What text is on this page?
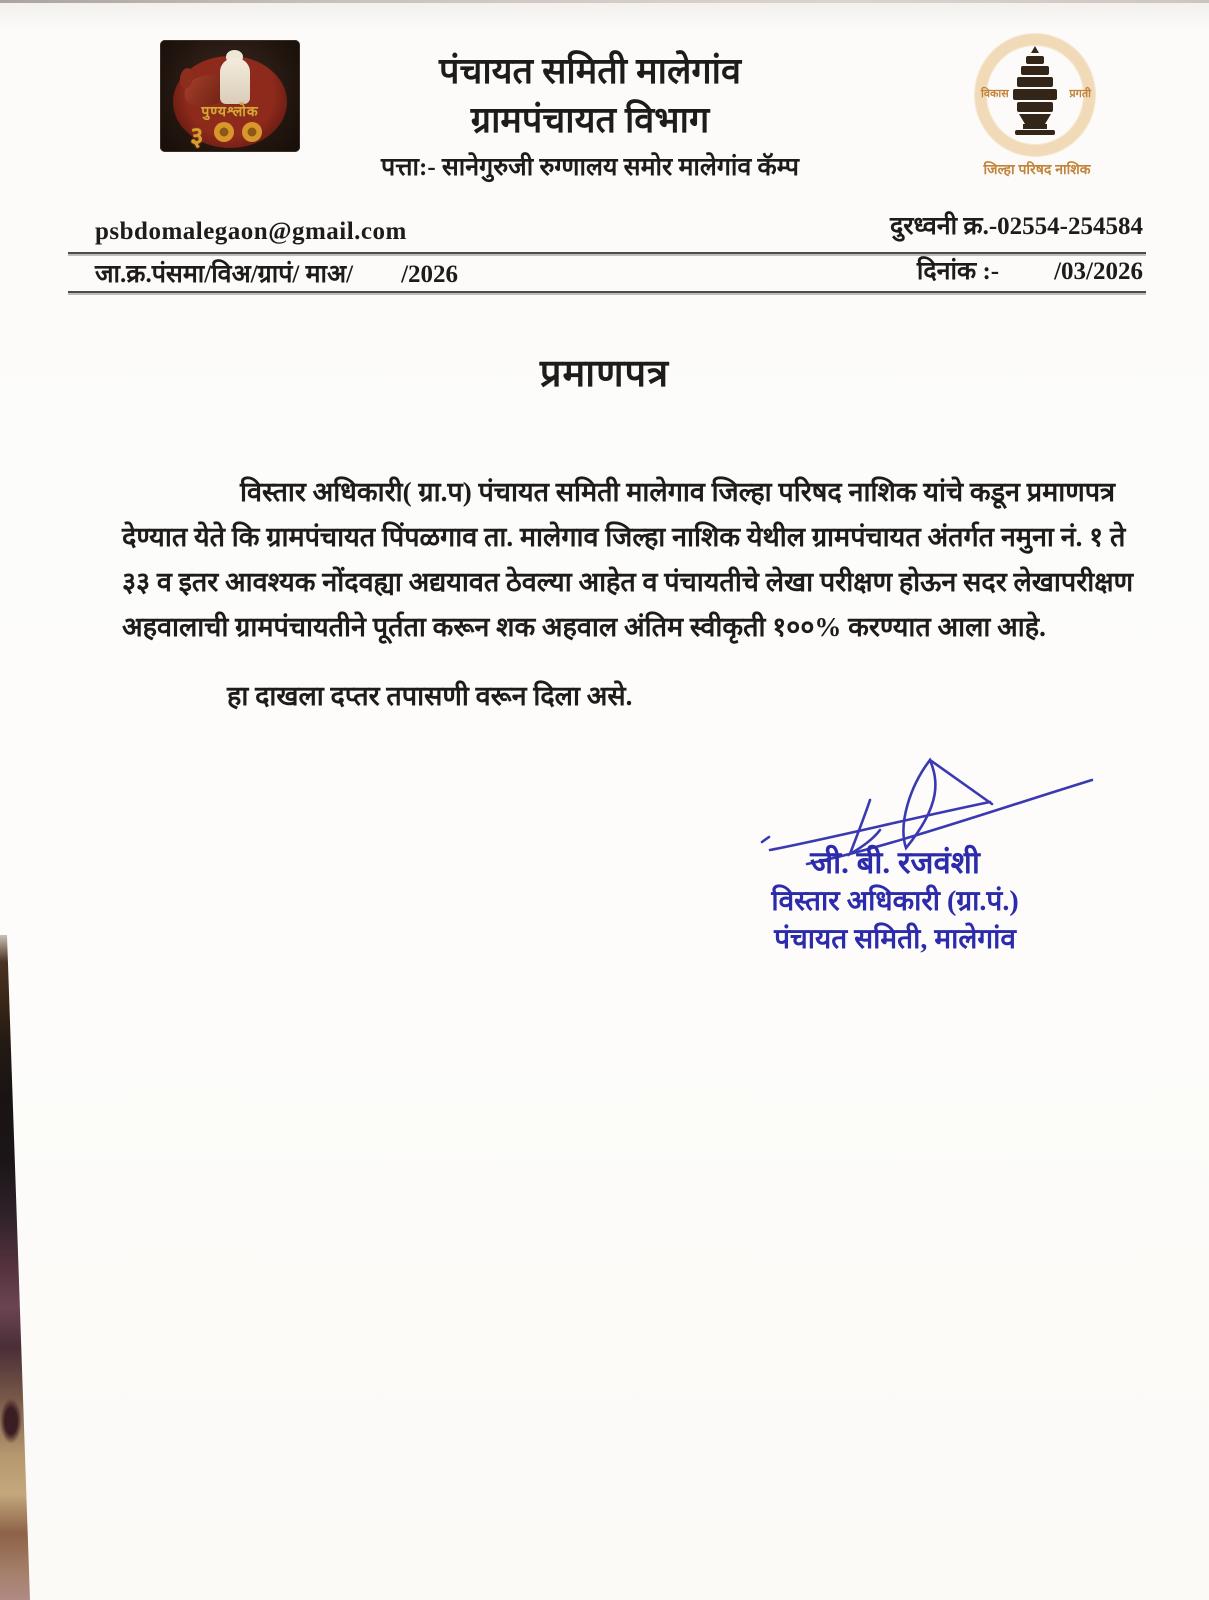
पुण्यश्लोक
३
पंचायत समिती मालेगांव
ग्रामपंचायत विभाग
पत्ता:- सानेगुरुजी रुग्णालय समोर मालेगांव कॅम्प
विकास	प्रगती
जिल्हा परिषद नाशिक
psbdomalegaon@gmail.com	दुरध्वनी क्र.-02554-254584
जा.क्र.पंसमा/विअ/ग्रापं/ माअ/ /2026	दिनांक :- /03/2026
प्रमाणपत्र
विस्तार अधिकारी( ग्रा.प) पंचायत समिती मालेगाव जिल्हा परिषद नाशिक यांचे कडून प्रमाणपत्र
देण्यात येते कि ग्रामपंचायत पिंपळगाव ता. मालेगाव जिल्हा नाशिक येथील ग्रामपंचायत अंतर्गत नमुना नं. १ ते
३३ व इतर आवश्यक नोंदवह्या अद्ययावत ठेवल्या आहेत व पंचायतीचे लेखा परीक्षण होऊन सदर लेखापरीक्षण
अहवालाची ग्रामपंचायतीने पूर्तता करून शक अहवाल अंतिम स्वीकृती १००% करण्यात आला आहे.
हा दाखला दप्तर तपासणी वरून दिला असे.
जी. बी. रजवंशी
विस्तार अधिकारी (ग्रा.पं.)
पंचायत समिती, मालेगांव
